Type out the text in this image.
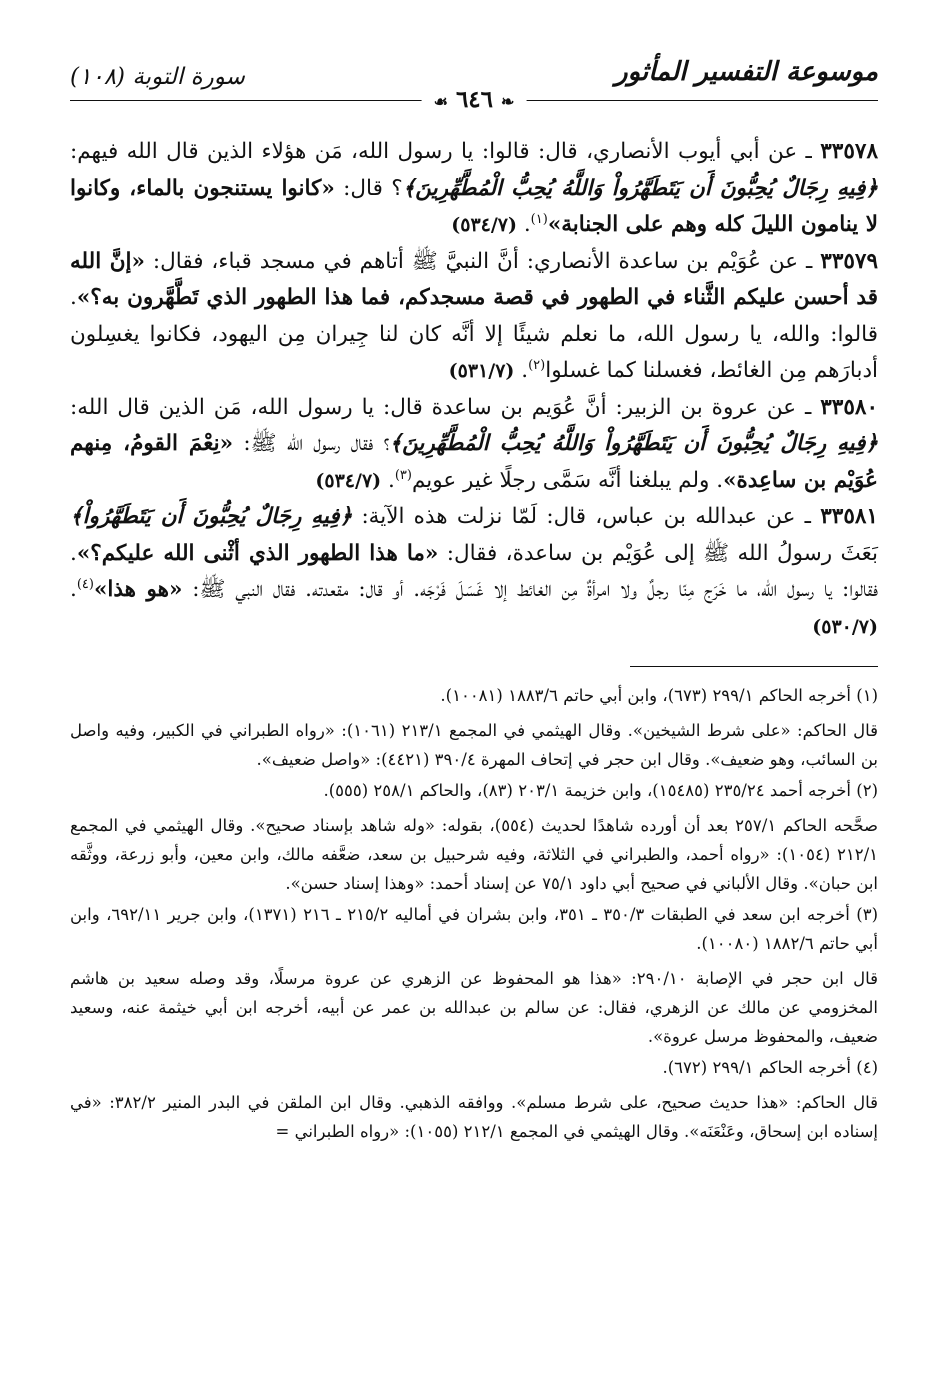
موسوعة التفسير المأثور
❧ ٦٤٦ ☙
سورة التوبة (١٠٨)

٣٣٥٧٨ ـ عن أبي أيوب الأنصاري، قال: قالوا: يا رسول الله، مَن هؤلاء الذين قال الله فيهم: ﴿فِيهِ رِجَالٌ يُحِبُّونَ أَن يَتَطَهَّرُواْ وَاللَّهُ يُحِبُّ الْمُطَّهِّرِينَ﴾؟ قال: «كانوا يستنجون بالماء، وكانوا لا ينامون الليلَ كله وهم على الجنابة»$^{(١)}$. (٥٣٤/٧)

٣٣٥٧٩ ـ عن عُوَيْم بن ساعدة الأنصاري: أنَّ النبيَّ ﷺ أتاهم في مسجد قباء، فقال: «إنَّ الله قد أحسن عليكم الثَّناء في الطهور في قصة مسجدكم، فما هذا الطهور الذي تَطَّهَّرون به؟». قالوا: والله، يا رسول الله، ما نعلم شيئًا إلا أنَّه كان لنا جِيران مِن اليهود، فكانوا يغسِلون أدبارَهم مِن الغائط، فغسلنا كما غسلوا$^{(٢)}$. (٥٣١/٧)

٣٣٥٨٠ ـ عن عروة بن الزبير: أنَّ عُوَيم بن ساعدة قال: يا رسول الله، مَن الذين قال الله: ﴿فِيهِ رِجَالٌ يُحِبُّونَ أَن يَتَطَهَّرُواْ وَاللَّهُ يُحِبُّ الْمُطَّهِّرِينَ﴾؟ فقال رسول الله ﷺ: «نِعْمَ القومُ، مِنهم عُوَيْم بن ساعِدة». ولم يبلغنا أنَّه سَمَّى رجلًا غير عويم$^{(٣)}$. (٥٣٤/٧)

٣٣٥٨١ ـ عن عبدالله بن عباس، قال: لَمّا نزلت هذه الآية: ﴿فِيهِ رِجَالٌ يُحِبُّونَ أَن يَتَطَهَّرُواْ﴾ بَعَثَ رسولُ الله ﷺ إلى عُوَيْم بن ساعدة، فقال: «ما هذا الطهور الذي أثْنى الله عليكم؟». فقالوا: يا رسول الله، ما خَرَج مِنّا رجلٌ ولا امرأةٌ مِن الغائط إلا غَسَلَ فَرْجَه. أو قال: مقعدته. فقال النبي ﷺ: «هو هذا»$^{(٤)}$. (٥٣٠/٧)

(١) أخرجه الحاكم ٢٩٩/١ (٦٧٣)، وابن أبي حاتم ١٨٨٣/٦ (١٠٠٨١).

قال الحاكم: «على شرط الشيخين». وقال الهيثمي في المجمع ٢١٣/١ (١٠٦١): «رواه الطبراني في الكبير، وفيه واصل بن السائب، وهو ضعيف». وقال ابن حجر في إتحاف المهرة ٣٩٠/٤ (٤٤٢١): «واصل ضعيف».

(٢) أخرجه أحمد ٢٣٥/٢٤ (١٥٤٨٥)، وابن خزيمة ٢٠٣/١ (٨٣)، والحاكم ٢٥٨/١ (٥٥٥).

صحَّحه الحاكم ٢٥٧/١ بعد أن أورده شاهدًا لحديث (٥٥٤)، بقوله: «وله شاهد بإسناد صحيح». وقال الهيثمي في المجمع ٢١٢/١ (١٠٥٤): «رواه أحمد، والطبراني في الثلاثة، وفيه شرحبيل بن سعد، ضعَّفه مالك، وابن معين، وأبو زرعة، ووثَّقه ابن حبان». وقال الألباني في صحيح أبي داود ٧٥/١ عن إسناد أحمد: «وهذا إسناد حسن».

(٣) أخرجه ابن سعد في الطبقات ٣٥٠/٣ ـ ٣٥١، وابن بشران في أماليه ٢١٥/٢ ـ ٢١٦ (١٣٧١)، وابن جرير ٦٩٢/١١، وابن أبي حاتم ١٨٨٢/٦ (١٠٠٨٠).

قال ابن حجر في الإصابة ٢٩٠/١٠: «هذا هو المحفوظ عن الزهري عن عروة مرسلًا، وقد وصله سعيد بن هاشم المخزومي عن مالك عن الزهري، فقال: عن سالم بن عبدالله بن عمر عن أبيه، أخرجه ابن أبي خيثمة عنه، وسعيد ضعيف، والمحفوظ مرسل عروة».

(٤) أخرجه الحاكم ٢٩٩/١ (٦٧٢).

قال الحاكم: «هذا حديث صحيح، على شرط مسلم». ووافقه الذهبي. وقال ابن الملقن في البدر المنير ٣٨٢/٢: «في إسناده ابن إسحاق، وعَنْعَنَه». وقال الهيثمي في المجمع ٢١٢/١ (١٠٥٥): «رواه الطبراني =
